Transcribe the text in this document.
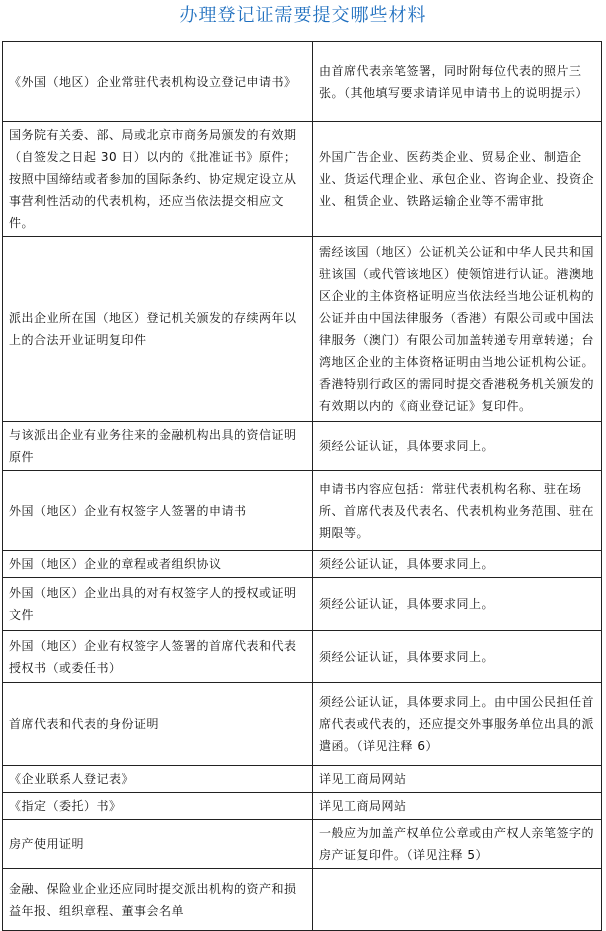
办理登记证需要提交哪些材料
《外国（地区）企业常驻代表机构设立登记申请书》	由首席代表亲笔签署，同时附每位代表的照片三张。（其他填写要求请详见申请书上的说明提示）
国务院有关委、部、局或北京市商务局颁发的有效期（自签发之日起 30 日）以内的《批准证书》原件；按照中国缔结或者参加的国际条约、协定规定设立从事营利性活动的代表机构，还应当依法提交相应文件。	外国广告企业、医药类企业、贸易企业、制造企业、货运代理企业、承包企业、咨询企业、投资企业、租赁企业、铁路运输企业等不需审批
派出企业所在国（地区）登记机关颁发的存续两年以上的合法开业证明复印件	需经该国（地区）公证机关公证和中华人民共和国驻该国（或代管该地区）使领馆进行认证。港澳地区企业的主体资格证明应当依法经当地公证机构的公证并由中国法律服务（香港）有限公司或中国法律服务（澳门）有限公司加盖转递专用章转递；台湾地区企业的主体资格证明由当地公证机构公证。香港特别行政区的需同时提交香港税务机关颁发的有效期以内的《商业登记证》复印件。
与该派出企业有业务往来的金融机构出具的资信证明原件	须经公证认证，具体要求同上。
外国（地区）企业有权签字人签署的申请书	申请书内容应包括：常驻代表机构名称、驻在场所、首席代表及代表名、代表机构业务范围、驻在期限等。
外国（地区）企业的章程或者组织协议	须经公证认证，具体要求同上。
外国（地区）企业出具的对有权签字人的授权或证明文件	须经公证认证，具体要求同上。
外国（地区）企业有权签字人签署的首席代表和代表授权书（或委任书）	须经公证认证，具体要求同上。
首席代表和代表的身份证明	须经公证认证，具体要求同上。由中国公民担任首席代表或代表的，还应提交外事服务单位出具的派遣函。（详见注释 6）
《企业联系人登记表》	详见工商局网站
《指定（委托）书》	详见工商局网站
房产使用证明	一般应为加盖产权单位公章或由产权人亲笔签字的房产证复印件。（详见注释 5）
金融、保险业企业还应同时提交派出机构的资产和损益年报、组织章程、董事会名单	
